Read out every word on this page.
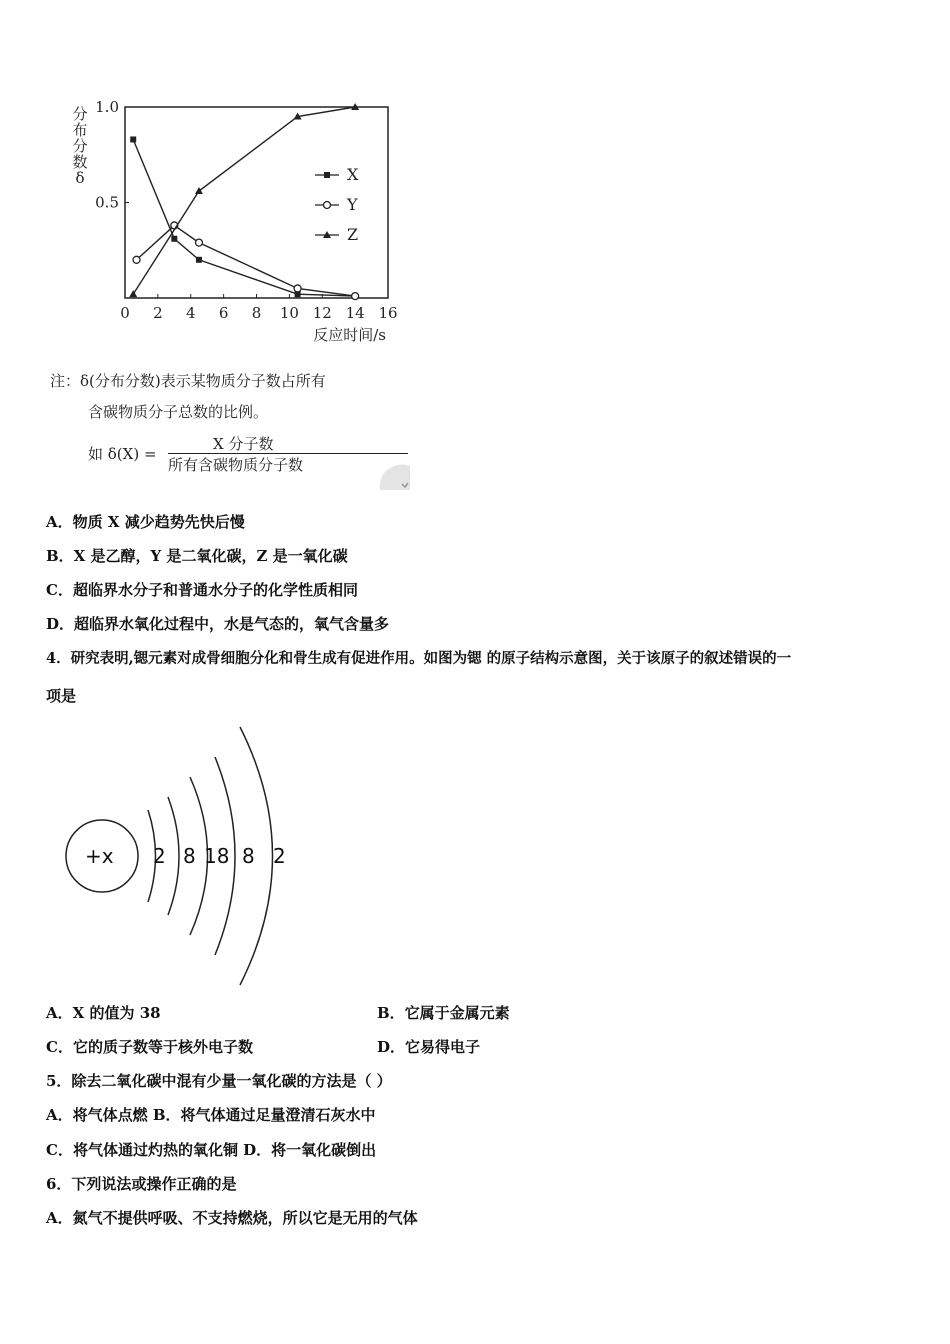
0 2 4 6 8 10 12 14 16
1.0
0.5
分
布
分
数
δ
反应时间/s
X
Y
Z
注：δ(分布分数)表示某物质分子数占所有
含碳物质分子总数的比例。
如 δ(X) =
X 分子数
所有含碳物质分子数
A．物质 X 减少趋势先快后慢
B．X 是乙醇，Y 是二氧化碳，Z 是一氧化碳
C．超临界水分子和普通水分子的化学性质相同
D．超临界水氧化过程中，水是气态的，氧气含量多
4．研究表明,锶元素对成骨细胞分化和骨生成有促进作用。如图为锶 的原子结构示意图，关于该原子的叙述错误的一
项是
+x 2 8 18 8 2
A．X 的值为 38	B．它属于金属元素
C．它的质子数等于核外电子数	D．它易得电子
5．除去二氧化碳中混有少量一氧化碳的方法是（ ）
A．将气体点燃 B．将气体通过足量澄清石灰水中
C．将气体通过灼热的氧化铜 D．将一氧化碳倒出
6．下列说法或操作正确的是
A．氮气不提供呼吸、不支持燃烧，所以它是无用的气体
